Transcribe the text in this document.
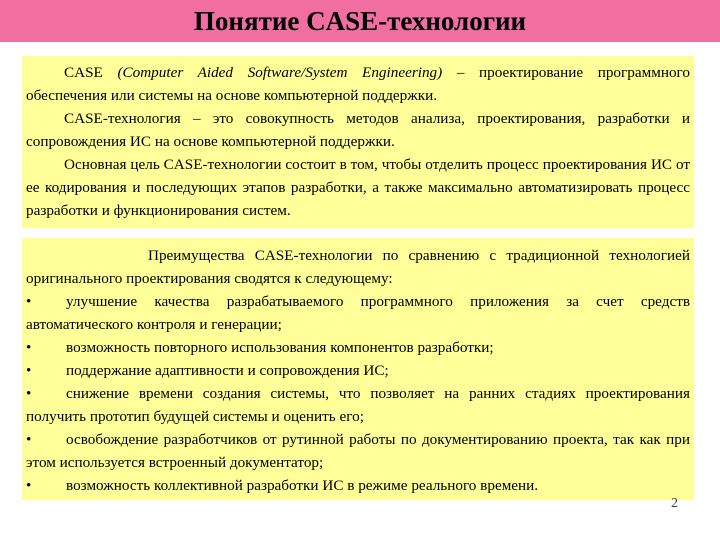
Понятие CASE-технологии

CASE (Computer Aided Software/System Engineering) – проектирование программного обеспечения или системы на основе компьютерной поддержки.

CASE-технология – это совокупность методов анализа, проектирования, разработки и сопровождения ИС на основе компьютерной поддержки.

Основная цель CASE-технологии состоит в том, чтобы отделить процесс проектирования ИС от ее кодирования и последующих этапов разработки, а также максимально автоматизировать процесс разработки и функционирования систем.

Преимущества CASE-технологии по сравнению с традиционной технологией оригинального проектирования сводятся к следующему:

• улучшение качества разрабатываемого программного приложения за счет средств автоматического контроля и генерации;

• возможность повторного использования компонентов разработки;

• поддержание адаптивности и сопровождения ИС;

• снижение времени создания системы, что позволяет на ранних стадиях проектирования получить прототип будущей системы и оценить его;

• освобождение разработчиков от рутинной работы по документированию проекта, так как при этом используется встроенный документатор;

• возможность коллективной разработки ИС в режиме реального времени.

2
